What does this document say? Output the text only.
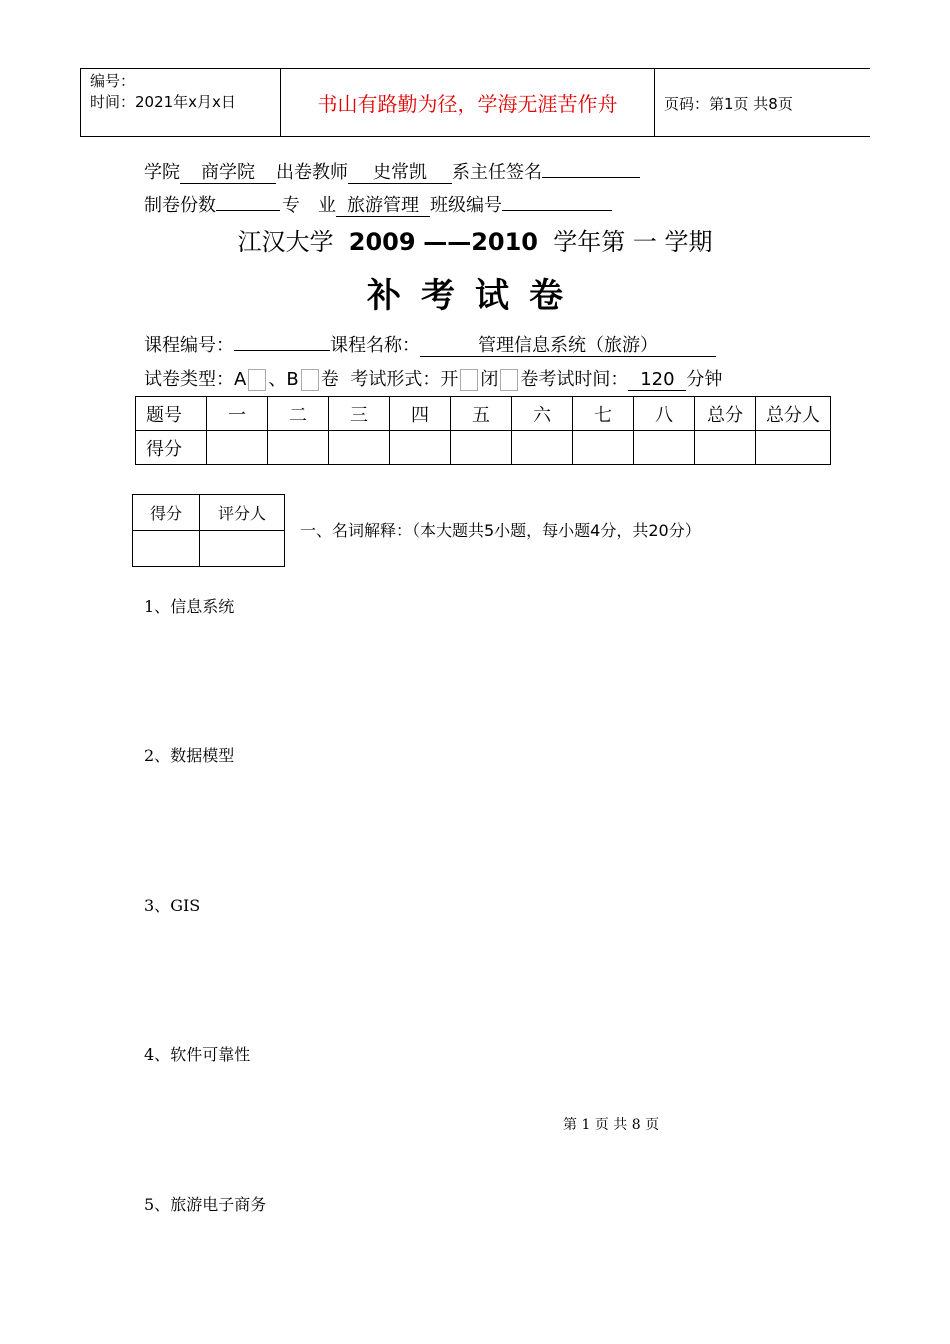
编号：
时间：2021年x月x日	书山有路勤为径，学海无涯苦作舟	页码：第1页 共8页
学院 商学院 出卷教师 史常凯 系主任签名
制卷份数	专　业 旅游管理 班级编号
江汉大学 2009 ——2010 学年第 一 学期
补考试卷
课程编号：	课程名称：	管理信息系统（旅游）
试卷类型：A 、B 卷 考试形式：开 闭 卷考试时间： 120 分钟
题号	一	二	三	四	五	六	七	八	总分	总分人
得分										
得分	评分人

一、名词解释：（本大题共5小题，每小题4分，共20分）
1、信息系统
2、数据模型
3、GIS
4、软件可靠性
5、旅游电子商务
第 1 页 共 8 页
